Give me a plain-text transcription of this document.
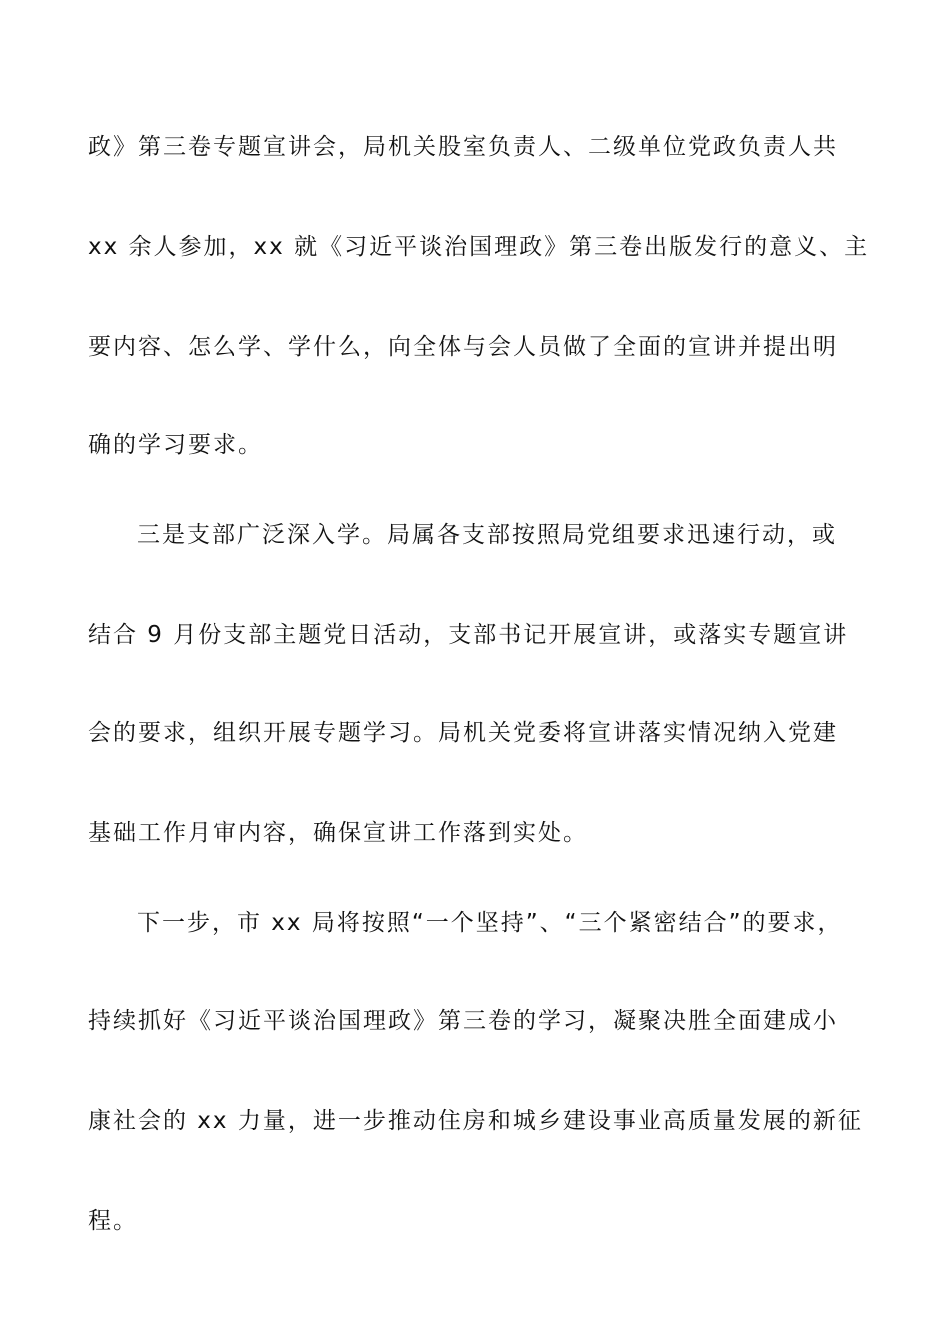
政》第三卷专题宣讲会，局机关股室负责人、二级单位党政负责人共
xx 余人参加，xx 就《习近平谈治国理政》第三卷出版发行的意义、主
要内容、怎么学、学什么，向全体与会人员做了全面的宣讲并提出明
确的学习要求。
三是支部广泛深入学。局属各支部按照局党组要求迅速行动，或
结合 9 月份支部主题党日活动，支部书记开展宣讲，或落实专题宣讲
会的要求，组织开展专题学习。局机关党委将宣讲落实情况纳入党建
基础工作月审内容，确保宣讲工作落到实处。
下一步，市 xx 局将按照“一个坚持”、“三个紧密结合”的要求，
持续抓好《习近平谈治国理政》第三卷的学习，凝聚决胜全面建成小
康社会的 xx 力量，进一步推动住房和城乡建设事业高质量发展的新征
程。
